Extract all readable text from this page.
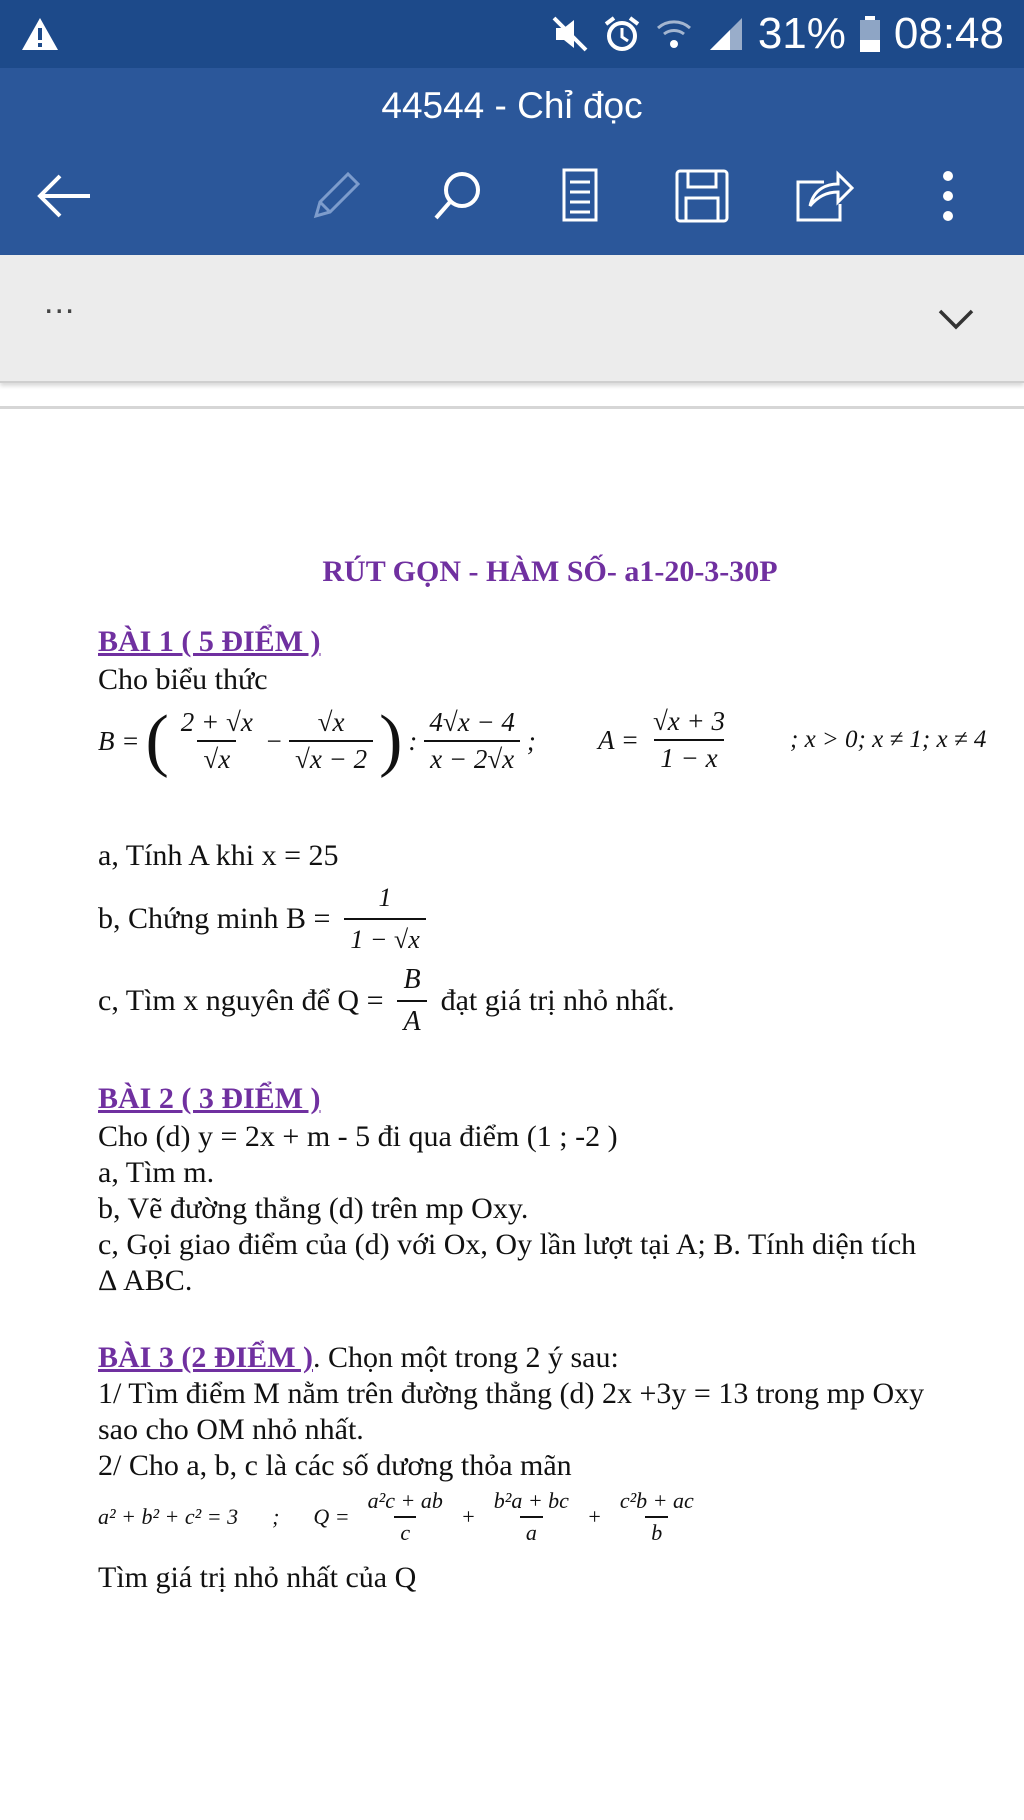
31% 08:48
44544 - Chỉ đọc
...
RÚT GỌN - HÀM SỐ- a1-20-3-30P
BÀI 1 ( 5 ĐIỂM )
Cho biểu thức
B = ( $\frac{2 + √x}{√x} - \frac{√x}{√x - 2}$ ) : $\frac{4√x - 4}{x - 2√x}$ ; $A = \frac{√x + 3}{1 - x}$ ; x > 0; x ≠ 1; x ≠ 4
a, Tính A khi x = 25
b, Chứng minh $B = \frac{1}{1 - √x}$
c, Tìm x nguyên để $Q = \frac{B}{A}$ đạt giá trị nhỏ nhất.
BÀI 2 ( 3 ĐIỂM )
Cho (d) y = 2x + m - 5 đi qua điểm (1 ; -2 )
a, Tìm m.
b, Vẽ đường thẳng (d) trên mp Oxy.
c, Gọi giao điểm của (d) với Ox, Oy lần lượt tại A; B. Tính diện tích
Δ ABC.
BÀI 3 (2 ĐIỂM ). Chọn một trong 2 ý sau:
1/ Tìm điểm M nằm trên đường thẳng (d) 2x +3y = 13 trong mp Oxy
sao cho OM nhỏ nhất.
2/ Cho a, b, c là các số dương thỏa mãn
a² + b² + c² = 3 ; $Q = \frac{\text{a²c + ab}}{c} + \frac{\text{b²a + bc}}{a} + \frac{\text{c²b + ac}}{b}$
Tìm giá trị nhỏ nhất của Q
